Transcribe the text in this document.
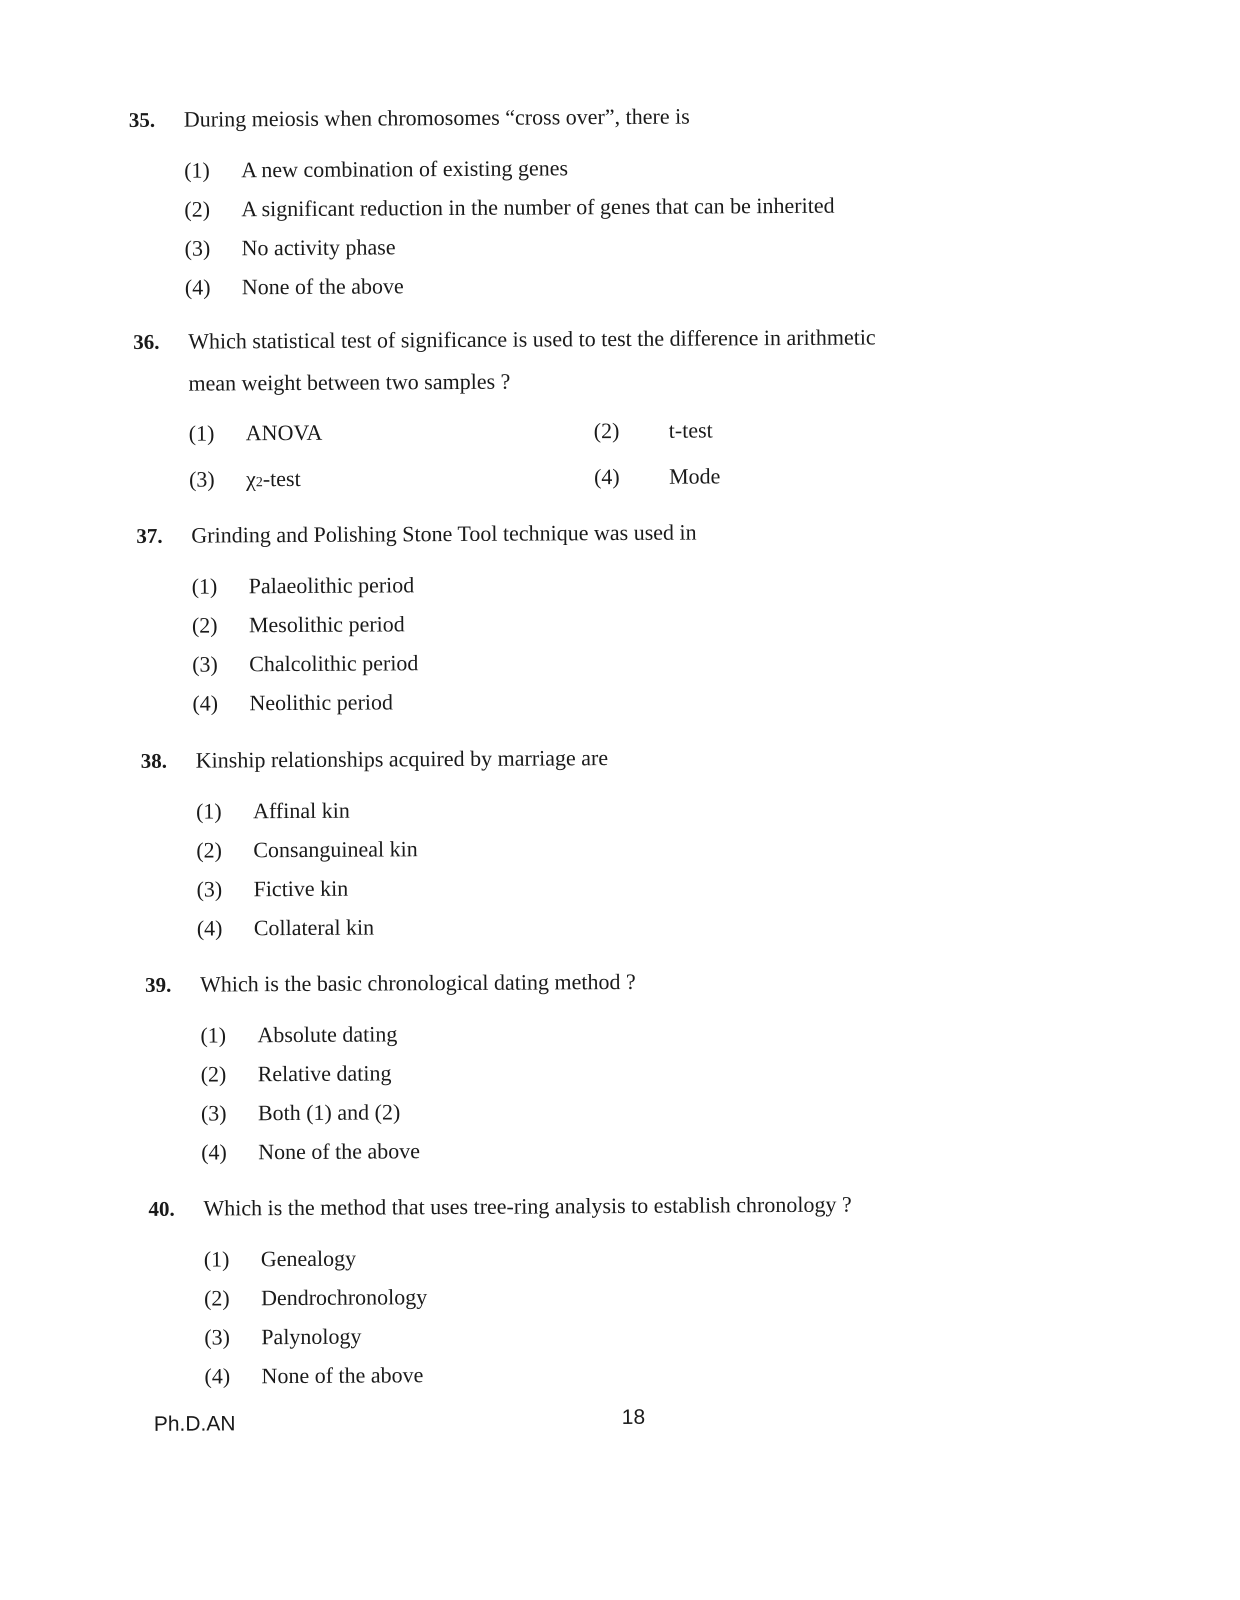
35.	During meiosis when chromosomes “cross over”, there is
(1)	A new combination of existing genes
(2)	A significant reduction in the number of genes that can be inherited
(3)	No activity phase
(4)	None of the above
36.	Which statistical test of significance is used to test the difference in arithmetic
mean weight between two samples ?
(1)	ANOVA	(2)	t-test
(3)	χ 2 -test	(4)	Mode
37.	Grinding and Polishing Stone Tool technique was used in
(1)	Palaeolithic period
(2)	Mesolithic period
(3)	Chalcolithic period
(4)	Neolithic period
38.	Kinship relationships acquired by marriage are
(1)	Affinal kin
(2)	Consanguineal kin
(3)	Fictive kin
(4)	Collateral kin
39.	Which is the basic chronological dating method ?
(1)	Absolute dating
(2)	Relative dating
(3)	Both (1) and (2)
(4)	None of the above
40.	Which is the method that uses tree-ring analysis to establish chronology ?
(1)	Genealogy
(2)	Dendrochronology
(3)	Palynology
(4)	None of the above
Ph.D.AN	18
